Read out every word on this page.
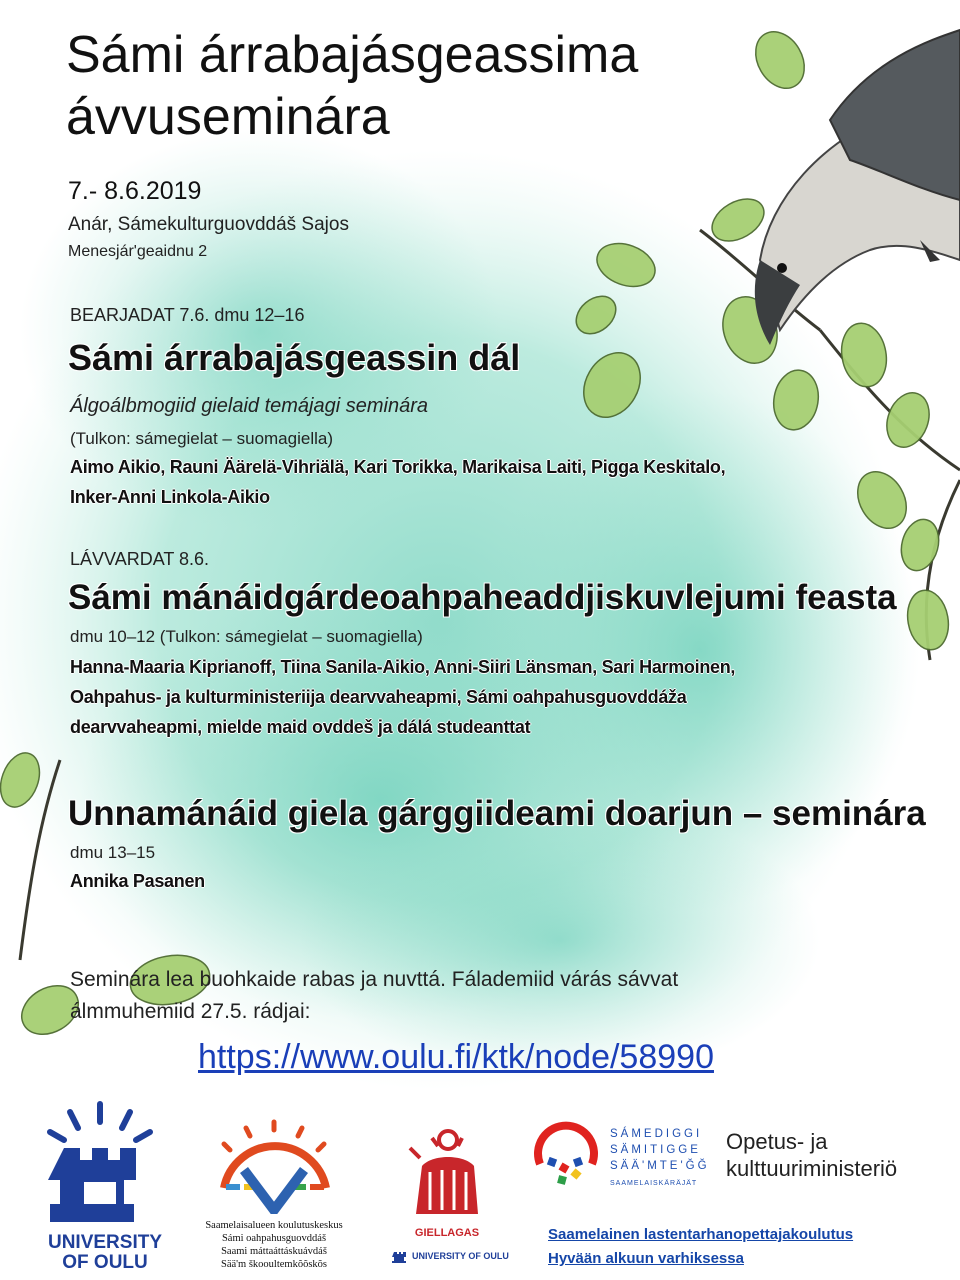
Sámi árrabajásgeassima
ávvuseminára
7.- 8.6.2019
Anár, Sámekulturguovddáš Sajos
Menesjár'geaidnu 2
BEARJADAT 7.6. dmu 12–16
Sámi árrabajásgeassin dál
Álgoálbmogiid gielaid temájagi seminára
(Tulkon: sámegielat – suomagiella)
Aimo Aikio, Rauni Äärelä-Vihriälä, Kari Torikka, Marikaisa Laiti, Pigga Keskitalo,
Inker-Anni Linkola-Aikio
LÁVVARDAT 8.6.
Sámi mánáidgárdeoahpaheaddjiskuvlejumi feasta
dmu 10–12 (Tulkon: sámegielat – suomagiella)
Hanna-Maaria Kiprianoff, Tiina Sanila-Aikio, Anni-Siiri Länsman, Sari Harmoinen,
Oahpahus- ja kulturministeriija dearvvaheapmi, Sámi oahpahusguovddáža
dearvvaheapmi, mielde maid ovddeš ja dálá studeanttat
Unnamánáid giela gárggiideami doarjun – seminára
dmu 13–15
Annika Pasanen
Seminára lea buohkaide rabas ja nuvttá. Fálademiid várás sávvat
álmmuhemiid 27.5. rádjai:
https://www.oulu.fi/ktk/node/58990
UNIVERSITY
OF OULU
Saamelaisalueen koulutuskeskus
Sámi oahpahusguovddáš
Saami máttaáttáskuávdáš
Sää'm škooultemkõõskõs
GIELLAGAS
UNIVERSITY OF OULU
SÁMEDIGGI
SÄMITIGGE
SÄÄ'MTE'ĞĞ
SAAMELAISKÄRÄJÄT
Opetus- ja
kulttuuriministeriö
Saamelainen lastentarhanopettajakoulutus
Hyvään alkuun varhiksessa
